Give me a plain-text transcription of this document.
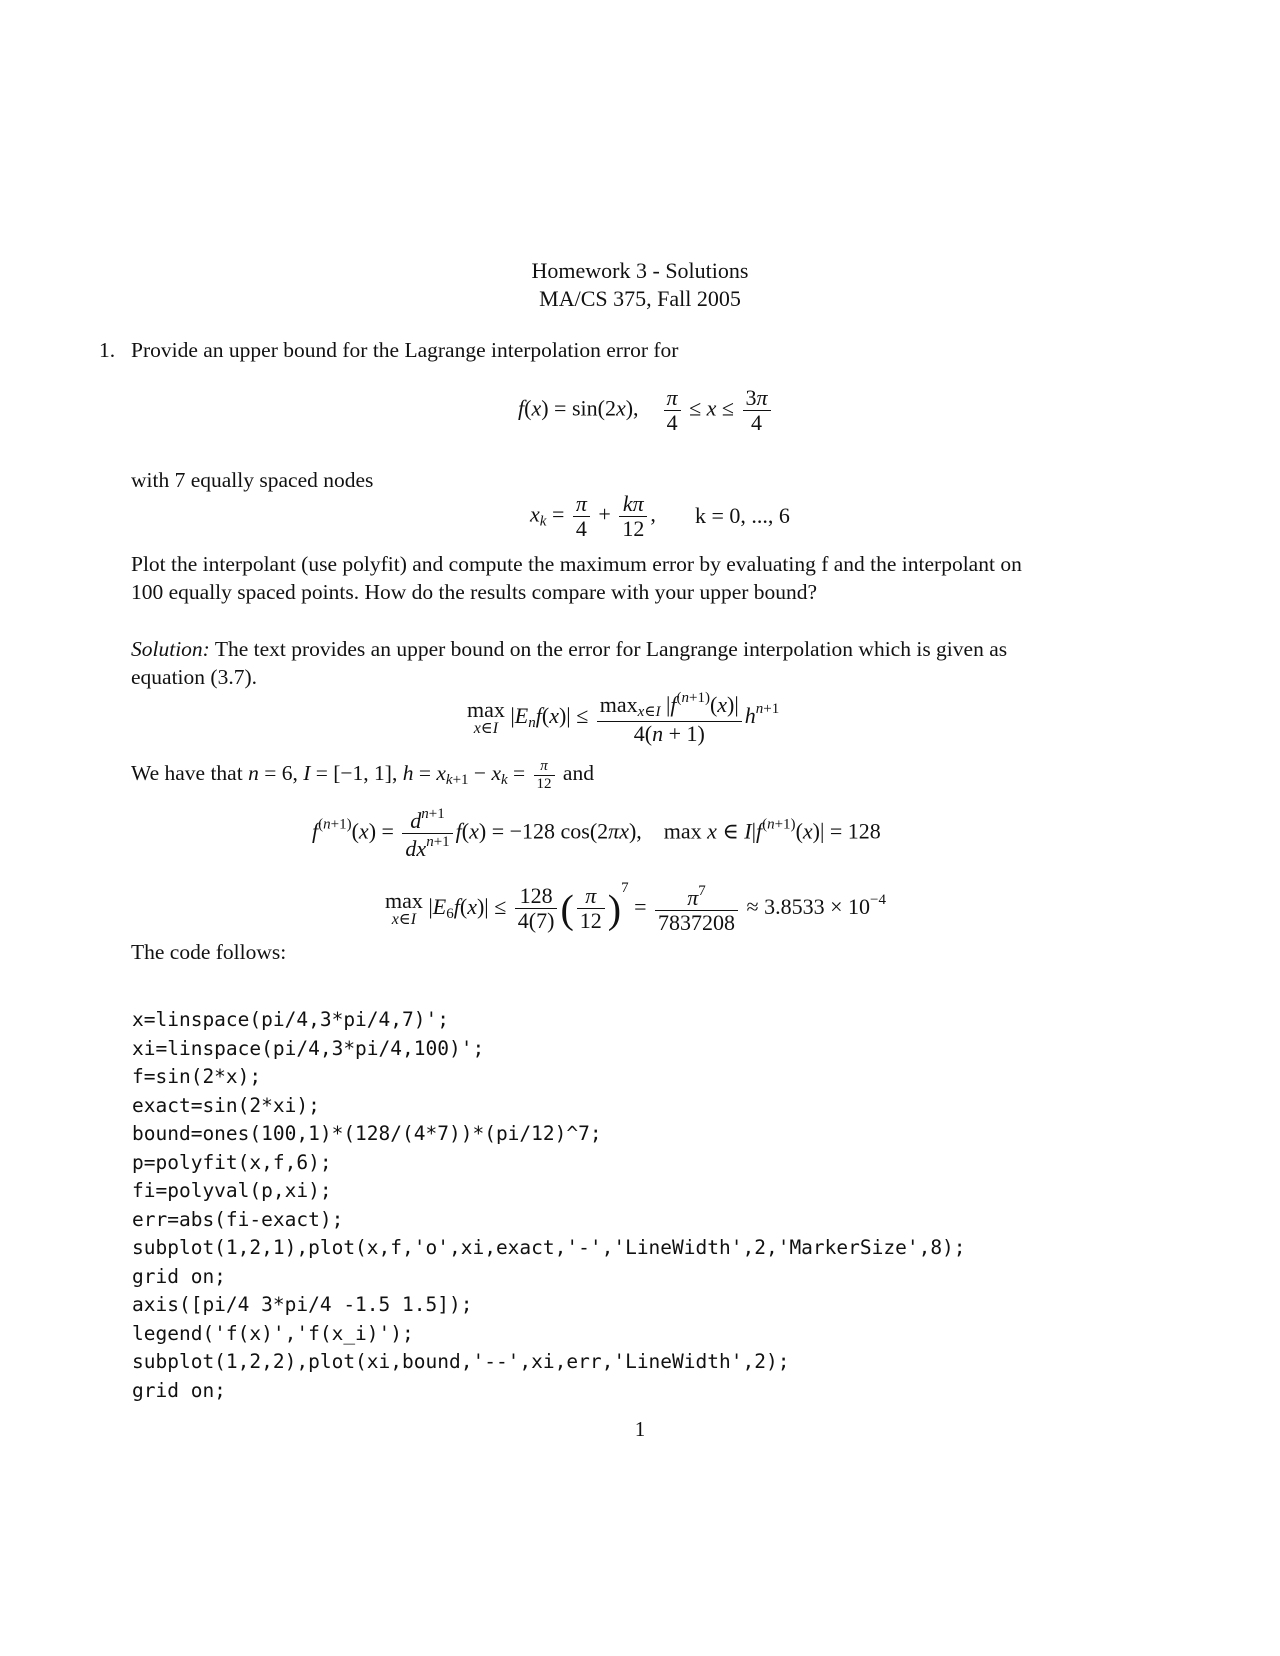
Homework 3 - Solutions
MA/CS 375, Fall 2005
1. Provide an upper bound for the Lagrange interpolation error for
f(x) = sin(2x), $\frac{\pi}{4} \le x \le \frac{3\pi}{4}$
with 7 equally spaced nodes
$x_k = \frac{\pi}{4} + \frac{k\pi}{12}$ , k = 0, ..., 6
Plot the interpolant (use polyfit) and compute the maximum error by evaluating f and the interpolant on
100 equally spaced points. How do the results compare with your upper bound?
Solution: The text provides an upper bound on the error for Langrange interpolation which is given as
equation (3.7).
max
x∈I
$|E_nf(x)| \le \frac{\max_{x\in I} |f^{(n+1)}(x)|}{4(n + 1)} h^{n+1}$
We have that n = 6, I = [−1, 1], $h = x_{k+1} - x_k = \frac{\pi}{12}$ and
$f^{(n+1)}(x) = \frac{d^{n+1}}{dx^{n+1}} f(x) = -128$ cos(2πx),    max x ∈ $I|f^{(n+1)}(x)| = 128$
max
x∈I
$|E_6f(x)| \le \frac{128}{4(7)}$ ( $\frac{\pi}{12} )^7 = \frac{\pi^7}{7837208} \approx 3.8533 \times 10^{-4}$
The code follows:
x=linspace(pi/4,3*pi/4,7)';
xi=linspace(pi/4,3*pi/4,100)';
f=sin(2*x);
exact=sin(2*xi);
bound=ones(100,1)*(128/(4*7))*(pi/12)^7;
p=polyfit(x,f,6);
fi=polyval(p,xi);
err=abs(fi-exact);
subplot(1,2,1),plot(x,f,'o',xi,exact,'-','LineWidth',2,'MarkerSize',8);
grid on;
axis([pi/4 3*pi/4 -1.5 1.5]);
legend('f(x)','f(x_i)');
subplot(1,2,2),plot(xi,bound,'--',xi,err,'LineWidth',2);
grid on;
1
